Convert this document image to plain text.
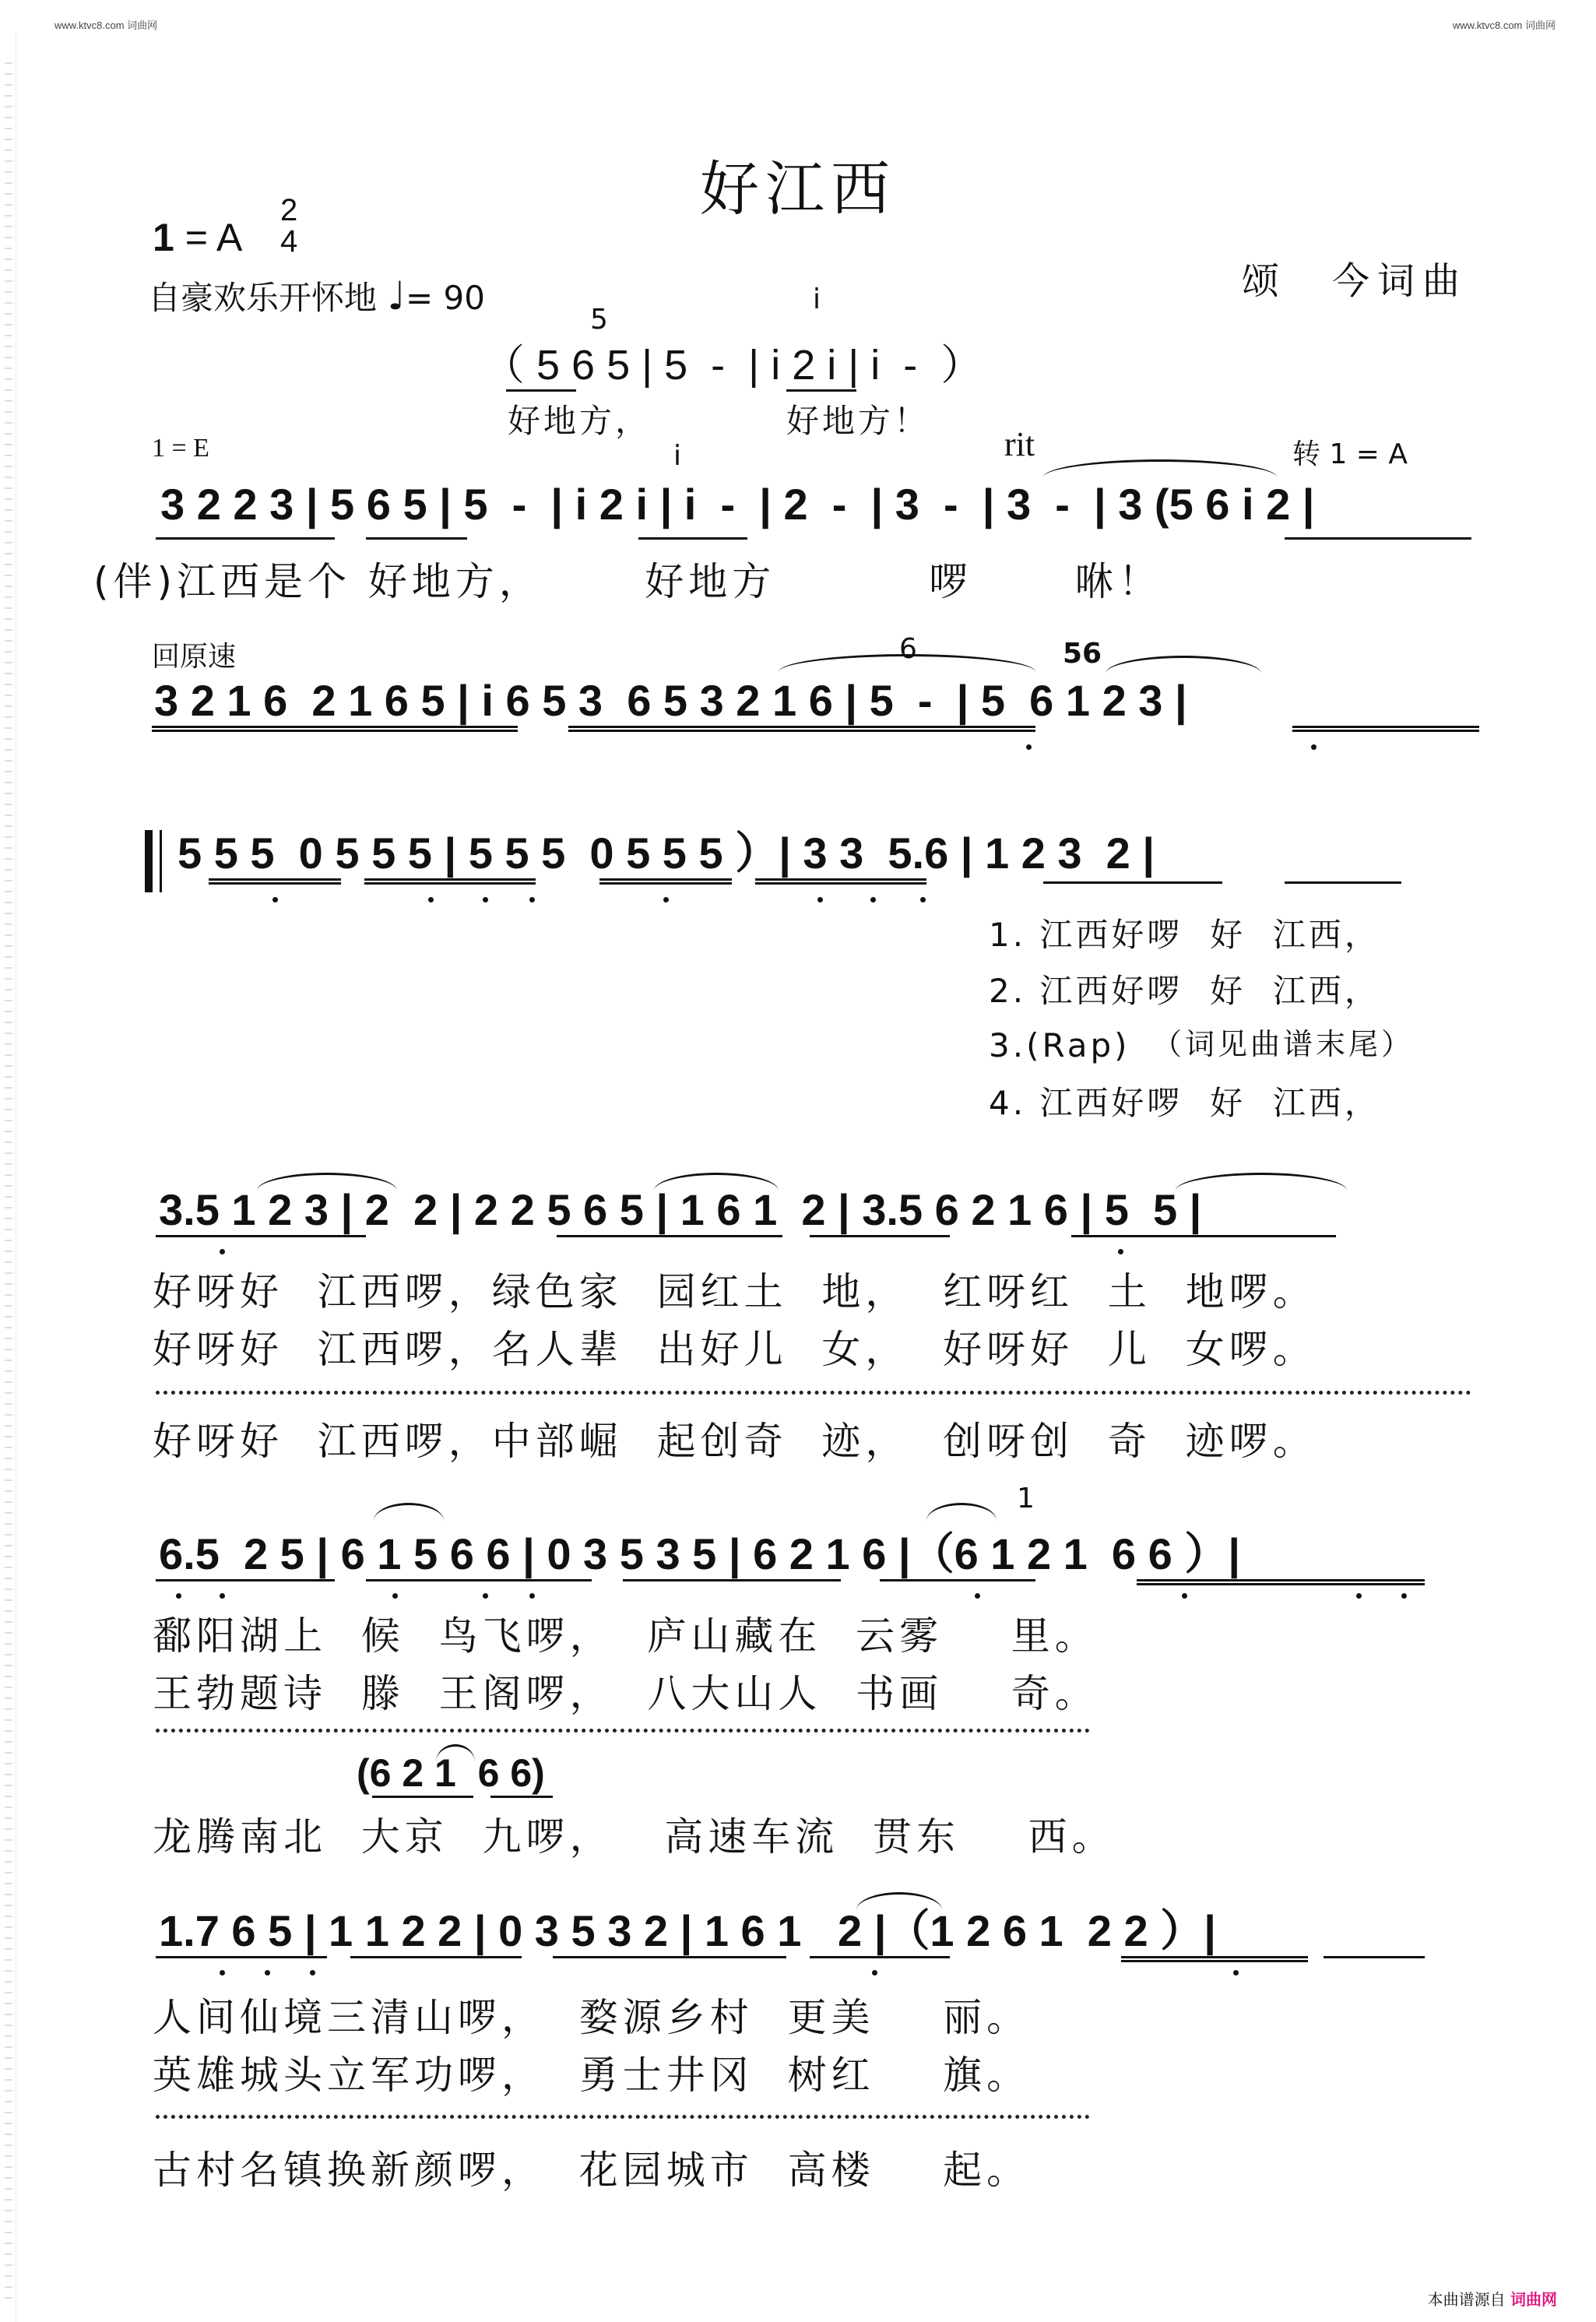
www.ktvc8.com 词曲网	www.ktvc8.com 词曲网
好江西
1 = A
2
4
自豪欢乐开怀地 ♩= 90	颂　今词曲
5
i
（ 5 6 5 | 5  -  | i 2 i | i  -  ）
好地方，	好地方！
1 = E	rit	转 1 = A
i
3 2 2 3 | 5 6 5 | 5  -  | i 2 i | i  -  | 2  -  | 3  -  | 3  -  | 3 (5 6 i 2 |
(伴)江西是个 好地方，      好地方         啰      咻！
回原速	6	56
3 2 1 6  2 1 6 5 | i 6 5 3  6 5 3 2 1 6 | 5  -  | 5  6 1 2 3 |
5 5 5  0 5 5 5 | 5 5 5  0 5 5 5 ）| 3 3  5.6 | 1 2 3  2 |
1. 江西好啰  好  江西，
2. 江西好啰  好  江西，
3.(Rap) （词见曲谱末尾）
4. 江西好啰  好  江西，
3.5 1 2 3 | 2  2 | 2 2 5 6 5 | 1 6 1  2 | 3.5 6 2 1 6 | 5  5 |
好呀好  江西啰，绿色家  园红土  地，  红呀红  土  地啰。
好呀好  江西啰，名人辈  出好儿  女，  好呀好  儿  女啰。
好呀好  江西啰，中部崛  起创奇  迹，  创呀创  奇  迹啰。
1
6.5  2 5 | 6 1 5 6 6 | 0 3 5 3 5 | 6 2 1 6 |（6 1 2 1  6 6 ）|
鄱阳湖上  候  鸟飞啰，  庐山藏在  云雾    里。
王勃题诗  滕  王阁啰，  八大山人  书画    奇。
(6 2 1  6 6)
龙腾南北  大京  九啰，   高速车流  贯东    西。
1.7 6 5 | 1 1 2 2 | 0 3 5 3 2 | 1 6 1   2 |（1 2 6 1  2 2 ）|
人间仙境三清山啰，  婺源乡村  更美    丽。
英雄城头立军功啰，  勇士井冈  树红    旗。
古村名镇换新颜啰，  花园城市  高楼    起。
本曲谱源自 词曲网
